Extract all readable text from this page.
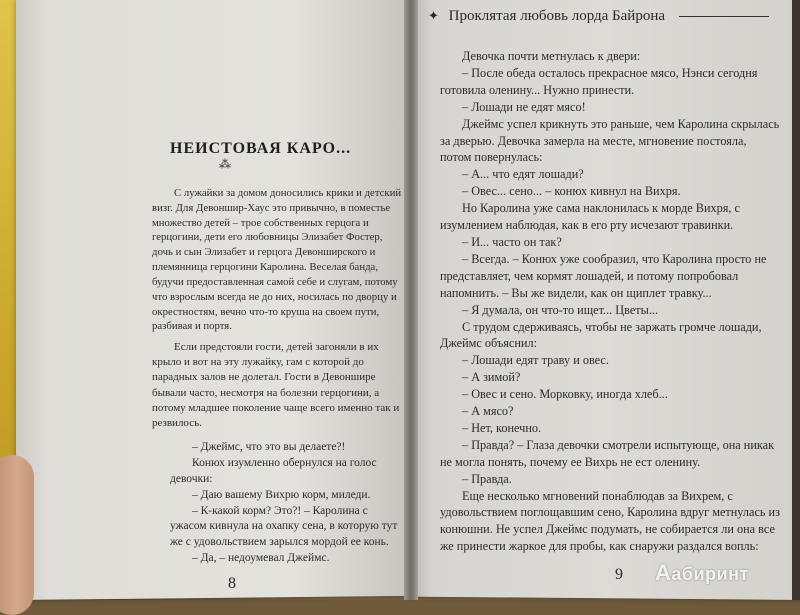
✦ Проклятая любовь лорда Байрона
НЕИСТОВАЯ КАРО...
⁂

С лужайки за домом доносились крики и детский визг. Для Девоншир-Хаус это привычно, в поместье множество детей – трое собственных герцога и герцогини, дети его любовницы Элизабет Фостер, дочь и сын Элизабет и герцога Девонширского и племянница герцогини Каролина. Веселая банда, будучи предоставленная самой себе и слугам, потому что взрослым всегда не до них, носилась по дворцу и окрестностям, вечно что-то круша на своем пути, разбивая и портя.

Если предстояли гости, детей загоняли в их крыло и вот на эту лужайку, гам с которой до парадных залов не долетал. Гости в Девоншире бывали часто, несмотря на болезни герцогини, а потому младшее поколение чаще всего именно так и резвилось.

– Джеймс, что это вы делаете?!

Конюх изумленно обернулся на голос девочки:

– Даю вашему Вихрю корм, миледи.

– К-какой корм? Это?! – Каролина с ужасом кивнула на охапку сена, в которую тут же с удовольствием зарылся мордой ее конь.

– Да, – недоумевал Джеймс.

8

Девочка почти метнулась к двери:

– После обеда осталось прекрасное мясо, Нэнси сегодня готовила оленину... Нужно принести.

– Лошади не едят мясо!

Джеймс успел крикнуть это раньше, чем Каролина скрылась за дверью. Девочка замерла на месте, мгновение постояла, потом повернулась:

– А... что едят лошади?

– Овес... сено... – конюх кивнул на Вихря.

Но Каролина уже сама наклонилась к морде Вихря, с изумлением наблюдая, как в его рту исчезают травинки.

– И... часто он так?

– Всегда. – Конюх уже сообразил, что Каролина просто не представляет, чем кормят лошадей, и потому попробовал напомнить. – Вы же видели, как он щиплет травку...

– Я думала, он что-то ищет... Цветы...

С трудом сдерживаясь, чтобы не заржать громче лошади, Джеймс объяснил:

– Лошади едят траву и овес.

– А зимой?

– Овес и сено. Морковку, иногда хлеб...

– А мясо?

– Нет, конечно.

– Правда? – Глаза девочки смотрели испытующе, она никак не могла понять, почему ее Вихрь не ест оленину.

– Правда.

Еще несколько мгновений понаблюдав за Вихрем, с удовольствием поглощавшим сено, Каролина вдруг метнулась из конюшни. Не успел Джеймс подумать, не собирается ли она все же принести жаркое для пробы, как снаружи раздался вопль:

9 Аабиринт
